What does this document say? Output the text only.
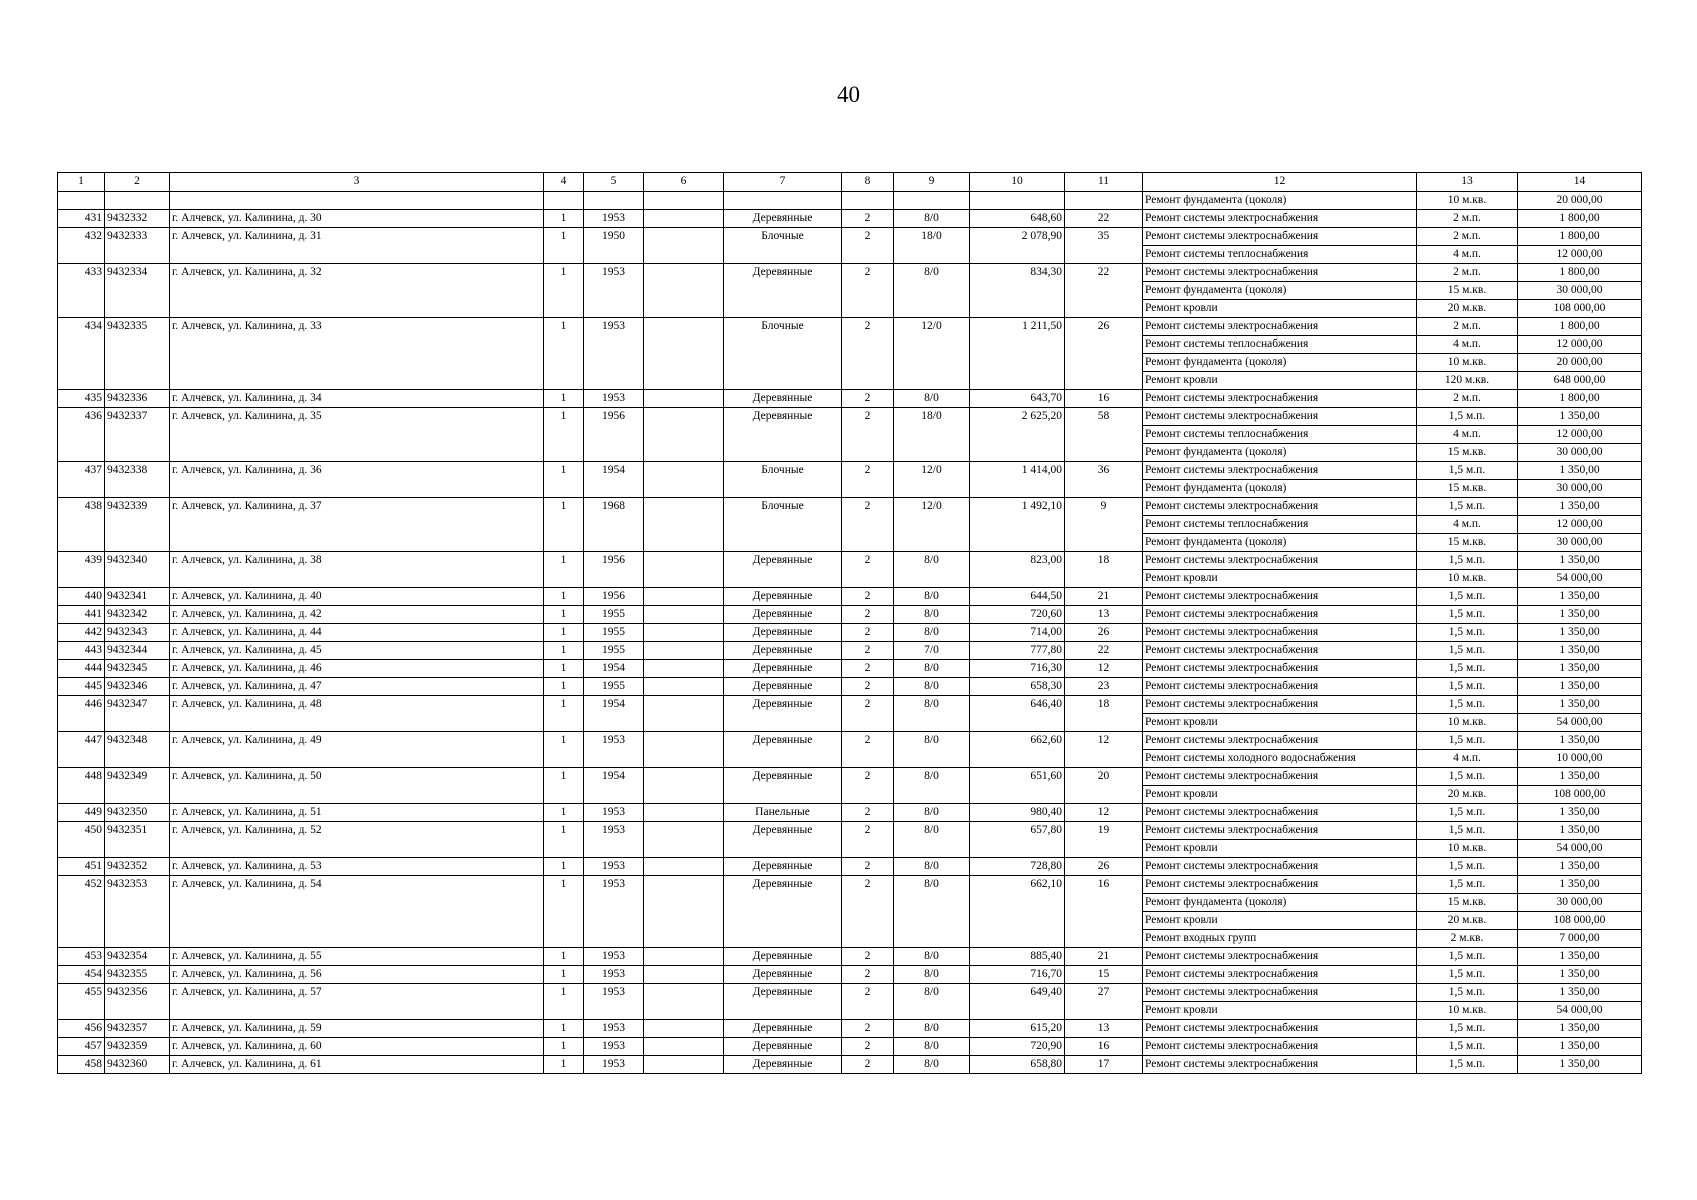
40
1	2	3	4	5	6	7	8	9	10	11	12	13	14
											Ремонт фундамента (цоколя)	10 м.кв.	20 000,00
431	9432332	г. Алчевск, ул. Калинина, д. 30	1	1953		Деревянные	2	8/0	648,60	22	Ремонт системы электроснабжения	2 м.п.	1 800,00
432	9432333	г. Алчевск, ул. Калинина, д. 31	1	1950		Блочные	2	18/0	2 078,90	35	Ремонт системы электроснабжения	2 м.п.	1 800,00
											Ремонт системы теплоснабжения	4 м.п.	12 000,00
433	9432334	г. Алчевск, ул. Калинина, д. 32	1	1953		Деревянные	2	8/0	834,30	22	Ремонт системы электроснабжения	2 м.п.	1 800,00
											Ремонт фундамента (цоколя)	15 м.кв.	30 000,00
											Ремонт кровли	20 м.кв.	108 000,00
434	9432335	г. Алчевск, ул. Калинина, д. 33	1	1953		Блочные	2	12/0	1 211,50	26	Ремонт системы электроснабжения	2 м.п.	1 800,00
											Ремонт системы теплоснабжения	4 м.п.	12 000,00
											Ремонт фундамента (цоколя)	10 м.кв.	20 000,00
											Ремонт кровли	120 м.кв.	648 000,00
435	9432336	г. Алчевск, ул. Калинина, д. 34	1	1953		Деревянные	2	8/0	643,70	16	Ремонт системы электроснабжения	2 м.п.	1 800,00
436	9432337	г. Алчевск, ул. Калинина, д. 35	1	1956		Деревянные	2	18/0	2 625,20	58	Ремонт системы электроснабжения	1,5 м.п.	1 350,00
											Ремонт системы теплоснабжения	4 м.п.	12 000,00
											Ремонт фундамента (цоколя)	15 м.кв.	30 000,00
437	9432338	г. Алчевск, ул. Калинина, д. 36	1	1954		Блочные	2	12/0	1 414,00	36	Ремонт системы электроснабжения	1,5 м.п.	1 350,00
											Ремонт фундамента (цоколя)	15 м.кв.	30 000,00
438	9432339	г. Алчевск, ул. Калинина, д. 37	1	1968		Блочные	2	12/0	1 492,10	9	Ремонт системы электроснабжения	1,5 м.п.	1 350,00
											Ремонт системы теплоснабжения	4 м.п.	12 000,00
											Ремонт фундамента (цоколя)	15 м.кв.	30 000,00
439	9432340	г. Алчевск, ул. Калинина, д. 38	1	1956		Деревянные	2	8/0	823,00	18	Ремонт системы электроснабжения	1,5 м.п.	1 350,00
											Ремонт кровли	10 м.кв.	54 000,00
440	9432341	г. Алчевск, ул. Калинина, д. 40	1	1956		Деревянные	2	8/0	644,50	21	Ремонт системы электроснабжения	1,5 м.п.	1 350,00
441	9432342	г. Алчевск, ул. Калинина, д. 42	1	1955		Деревянные	2	8/0	720,60	13	Ремонт системы электроснабжения	1,5 м.п.	1 350,00
442	9432343	г. Алчевск, ул. Калинина, д. 44	1	1955		Деревянные	2	8/0	714,00	26	Ремонт системы электроснабжения	1,5 м.п.	1 350,00
443	9432344	г. Алчевск, ул. Калинина, д. 45	1	1955		Деревянные	2	7/0	777,80	22	Ремонт системы электроснабжения	1,5 м.п.	1 350,00
444	9432345	г. Алчевск, ул. Калинина, д. 46	1	1954		Деревянные	2	8/0	716,30	12	Ремонт системы электроснабжения	1,5 м.п.	1 350,00
445	9432346	г. Алчевск, ул. Калинина, д. 47	1	1955		Деревянные	2	8/0	658,30	23	Ремонт системы электроснабжения	1,5 м.п.	1 350,00
446	9432347	г. Алчевск, ул. Калинина, д. 48	1	1954		Деревянные	2	8/0	646,40	18	Ремонт системы электроснабжения	1,5 м.п.	1 350,00
											Ремонт кровли	10 м.кв.	54 000,00
447	9432348	г. Алчевск, ул. Калинина, д. 49	1	1953		Деревянные	2	8/0	662,60	12	Ремонт системы электроснабжения	1,5 м.п.	1 350,00
											Ремонт системы холодного водоснабжения	4 м.п.	10 000,00
448	9432349	г. Алчевск, ул. Калинина, д. 50	1	1954		Деревянные	2	8/0	651,60	20	Ремонт системы электроснабжения	1,5 м.п.	1 350,00
											Ремонт кровли	20 м.кв.	108 000,00
449	9432350	г. Алчевск, ул. Калинина, д. 51	1	1953		Панельные	2	8/0	980,40	12	Ремонт системы электроснабжения	1,5 м.п.	1 350,00
450	9432351	г. Алчевск, ул. Калинина, д. 52	1	1953		Деревянные	2	8/0	657,80	19	Ремонт системы электроснабжения	1,5 м.п.	1 350,00
											Ремонт кровли	10 м.кв.	54 000,00
451	9432352	г. Алчевск, ул. Калинина, д. 53	1	1953		Деревянные	2	8/0	728,80	26	Ремонт системы электроснабжения	1,5 м.п.	1 350,00
452	9432353	г. Алчевск, ул. Калинина, д. 54	1	1953		Деревянные	2	8/0	662,10	16	Ремонт системы электроснабжения	1,5 м.п.	1 350,00
											Ремонт фундамента (цоколя)	15 м.кв.	30 000,00
											Ремонт кровли	20 м.кв.	108 000,00
											Ремонт входных групп	2 м.кв.	7 000,00
453	9432354	г. Алчевск, ул. Калинина, д. 55	1	1953		Деревянные	2	8/0	885,40	21	Ремонт системы электроснабжения	1,5 м.п.	1 350,00
454	9432355	г. Алчевск, ул. Калинина, д. 56	1	1953		Деревянные	2	8/0	716,70	15	Ремонт системы электроснабжения	1,5 м.п.	1 350,00
455	9432356	г. Алчевск, ул. Калинина, д. 57	1	1953		Деревянные	2	8/0	649,40	27	Ремонт системы электроснабжения	1,5 м.п.	1 350,00
											Ремонт кровли	10 м.кв.	54 000,00
456	9432357	г. Алчевск, ул. Калинина, д. 59	1	1953		Деревянные	2	8/0	615,20	13	Ремонт системы электроснабжения	1,5 м.п.	1 350,00
457	9432359	г. Алчевск, ул. Калинина, д. 60	1	1953		Деревянные	2	8/0	720,90	16	Ремонт системы электроснабжения	1,5 м.п.	1 350,00
458	9432360	г. Алчевск, ул. Калинина, д. 61	1	1953		Деревянные	2	8/0	658,80	17	Ремонт системы электроснабжения	1,5 м.п.	1 350,00
